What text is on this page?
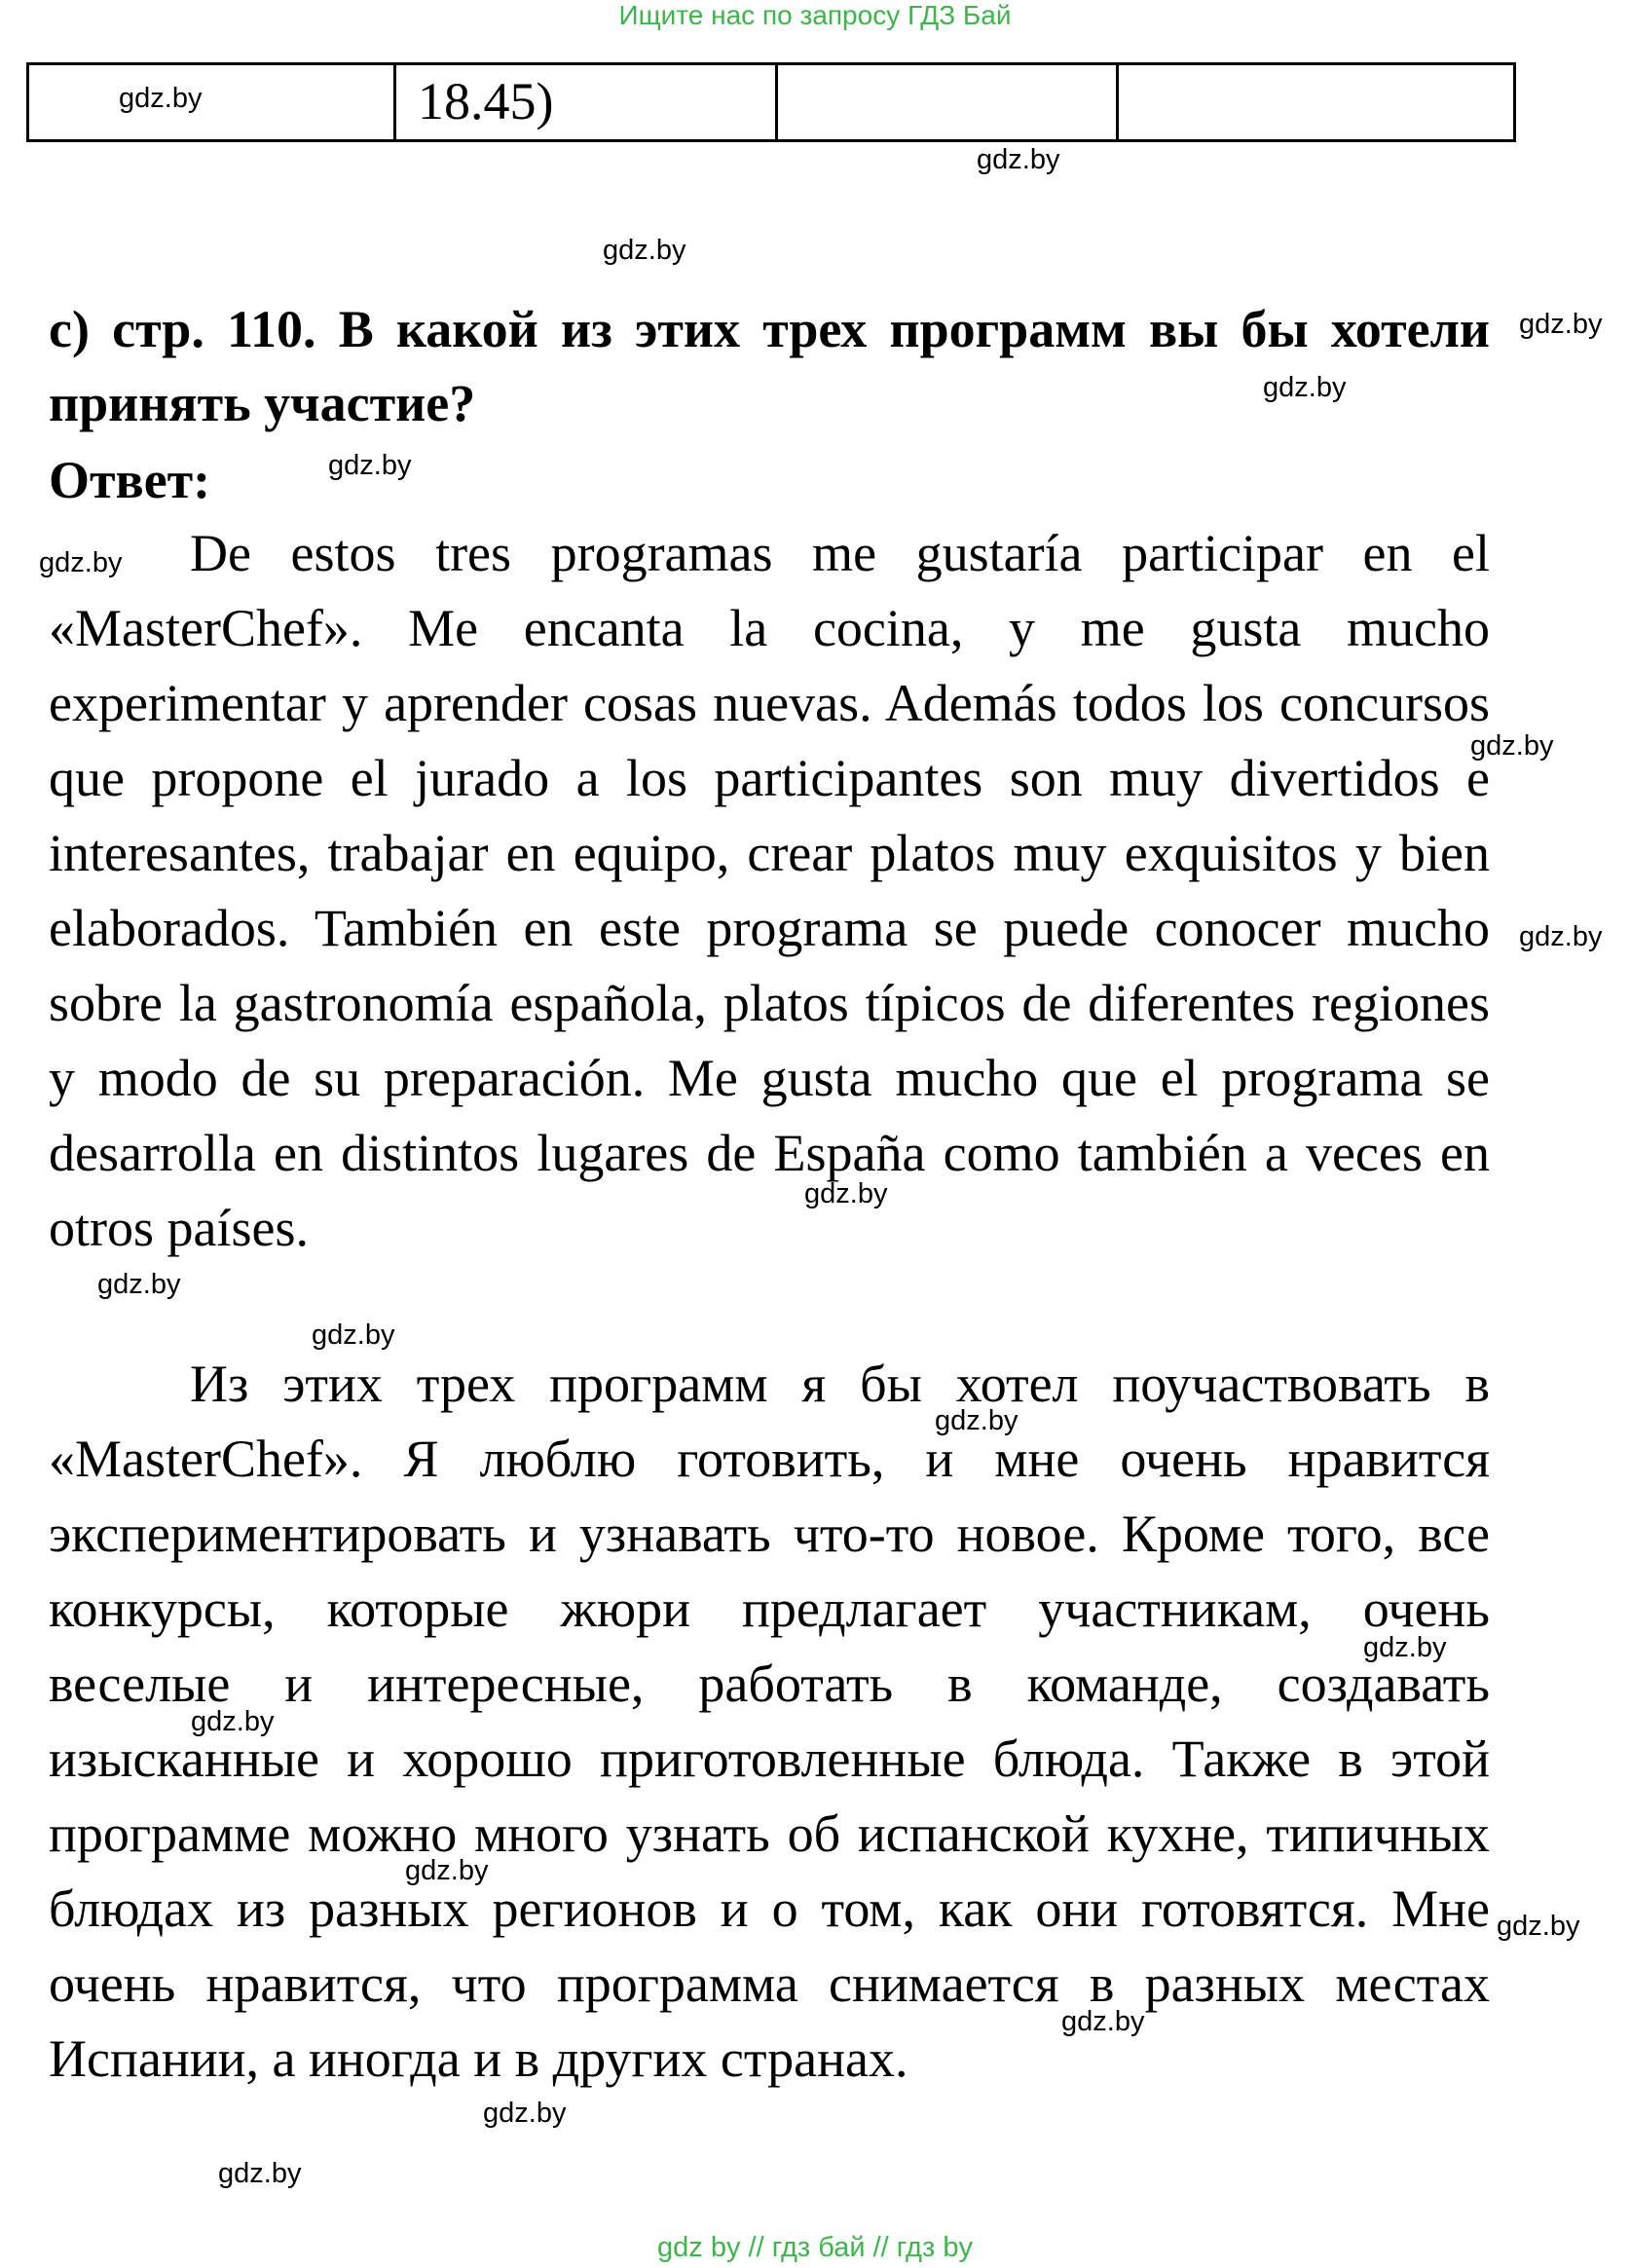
Ищите нас по запросу ГДЗ Бай
gdz.by	18.45)

gdz.by
gdz.by

c) стр. 110. В какой из этих трех программ вы бы хотели принять участие?

gdz.by
gdz.by

Ответ:	gdz.by

De estos tres programas me gustaría participar en el «MasterChef». Me encanta la cocina, y me gusta mucho experimentar y aprender cosas nuevas. Además todos los concursos que propone el jurado a los participantes son muy divertidos e interesantes, trabajar en equipo, crear platos muy exquisitos y bien elaborados. También en este programa se puede conocer mucho sobre la gastronomía española, platos típicos de diferentes regiones y modo de su preparación. Me gusta mucho que el programa se desarrolla en distintos lugares de España como también a veces en otros países.

gdz.by
gdz.by
gdz.by
gdz.by
gdz.by
gdz.by

Из этих трех программ я бы хотел поучаствовать в «MasterChef». Я люблю готовить, и мне очень нравится экспериментировать и узнавать что-то новое. Кроме того, все конкурсы, которые жюри предлагает участникам, очень веселые и интересные, работать в команде, создавать изысканные и хорошо приготовленные блюда. Также в этой программе можно много узнать об испанской кухне, типичных блюдах из разных регионов и о том, как они готовятся. Мне очень нравится, что программа снимается в разных местах Испании, а иногда и в других странах.

gdz.by
gdz.by
gdz.by
gdz.by
gdz.by
gdz.by
gdz.by
gdz.by
gdz by // гдз бай // гдз by
